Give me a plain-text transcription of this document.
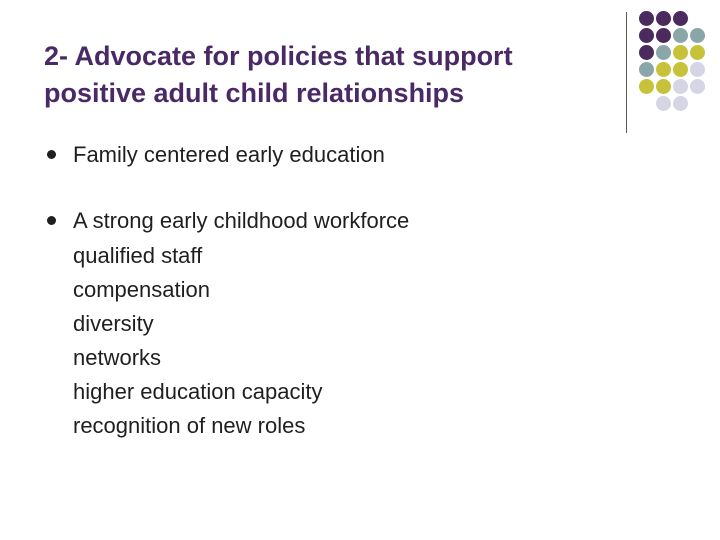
2- Advocate for policies that support
positive adult child relationships
Family centered early education
A strong early childhood workforce
qualified staff
compensation
diversity
networks
higher education capacity
recognition of new roles
